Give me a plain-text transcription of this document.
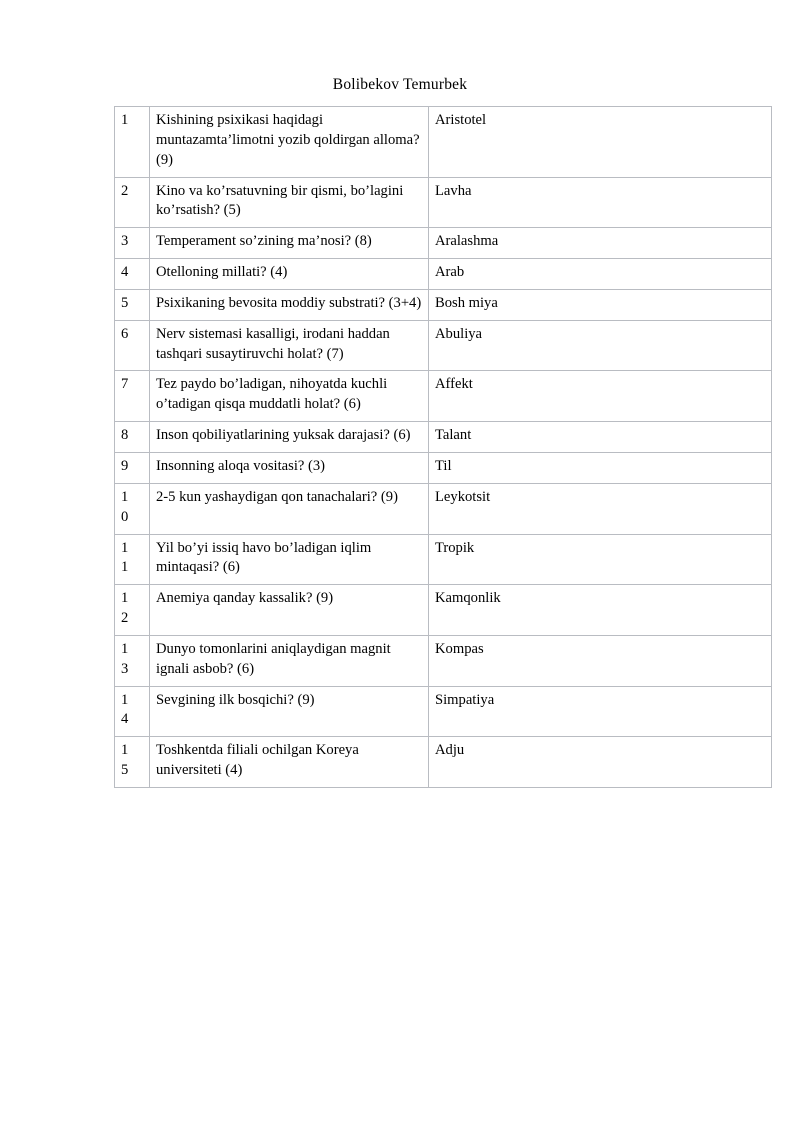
Bolibekov Temurbek
1	Kishining psixikasi haqidagi muntazamta’limotni yozib qoldirgan alloma? (9)	Aristotel

2	Kino va ko’rsatuvning bir qismi, bo’lagini ko’rsatish? (5)	Lavha

3	Temperament so’zining ma’nosi? (8)	Aralashma

4	Otelloning millati? (4)	Arab

5	Psixikaning bevosita moddiy substrati? (3+4)	Bosh miya

6	Nerv sistemasi kasalligi, irodani haddan tashqari susaytiruvchi holat? (7)	Abuliya

7	Tez paydo bo’ladigan, nihoyatda kuchli o’tadigan qisqa muddatli holat? (6)	Affekt

8	Inson qobiliyatlarining yuksak darajasi? (6)	Talant

9	Insonning aloqa vositasi? (3)	Til

10	2-5 kun yashaydigan qon tanachalari? (9)	Leykotsit

11	Yil bo’yi issiq havo bo’ladigan iqlim mintaqasi? (6)	Tropik

12	Anemiya qanday kassalik? (9)	Kamqonlik

13	Dunyo tomonlarini aniqlaydigan magnit ignali asbob? (6)	Kompas

14	Sevgining ilk bosqichi? (9)	Simpatiya

15	Toshkentda filiali ochilgan Koreya universiteti (4)	Adju
